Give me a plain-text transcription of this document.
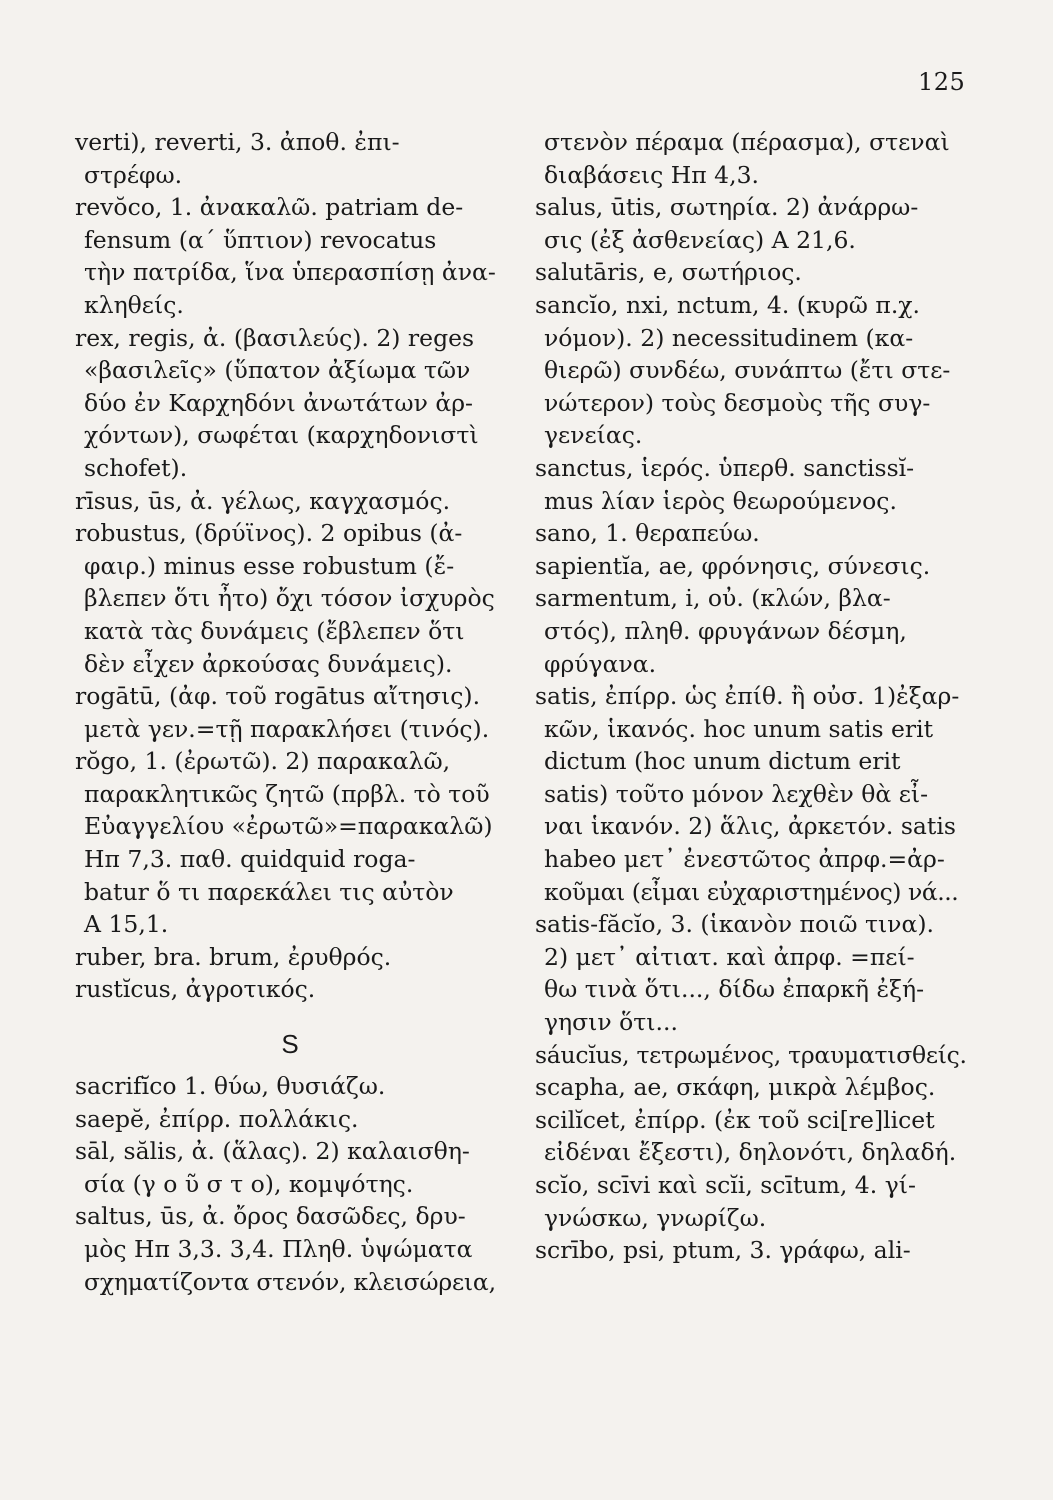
125
verti), reverti, 3. ἀποθ. ἐπι-
στρέφω.
revŏco, 1. ἀνακαλῶ. patriam de-
fensum (α΄ ὕπτιον) revocatus
τὴν πατρίδα, ἵνα ὑπερασπίσῃ ἀνα-
κληθείς.
rex, regis, ἀ. (βασιλεύς). 2) reges
«βασιλεῖς» (ὕπατον ἀξίωμα τῶν
δύο ἐν Καρχηδόνι ἀνωτάτων ἀρ-
χόντων), σωφέται (καρχηδονιστὶ
schofet).
rīsus, ūs, ἀ. γέλως, καγχασμός.
robustus, (δρύϊνος). 2 opibus (ἀ-
φαιρ.) minus esse robustum (ἔ-
βλεπεν ὅτι ἦτο) ὄχι τόσον ἰσχυρὸς
κατὰ τὰς δυνάμεις (ἔβλεπεν ὅτι
δὲν εἶχεν ἀρκούσας δυνάμεις).
rogātū, (ἀφ. τοῦ rogātus αἴτησις).
μετὰ γεν.=τῇ παρακλήσει (τινός).
rŏgo, 1. (ἐρωτῶ). 2) παρακαλῶ,
παρακλητικῶς ζητῶ (πρβλ. τὸ τοῦ
Εὐαγγελίου «ἐρωτῶ»=παρακαλῶ)
Ηπ 7,3. παθ. quidquid roga-
batur ὅ τι παρεκάλει τις αὐτὸν
Α 15,1.
ruber, bra. brum, ἐρυθρός.
rustĭcus, ἀγροτικός.
S
sacrifĭco 1. θύω, θυσιάζω.
saepĕ, ἐπίρρ. πολλάκις.
sāl, sălis, ἀ. (ἅλας). 2) καλαισθη-
σία (γ ο ῦ σ τ ο), κομψότης.
saltus, ūs, ἀ. ὄρος δασῶδες, δρυ-
μὸς Ηπ 3,3. 3,4. Πληθ. ὑψώματα
σχηματίζοντα στενόν, κλεισώρεια,
στενὸν πέραμα (πέρασμα), στεναὶ
διαβάσεις Ηπ 4,3.
salus, ūtis, σωτηρία. 2) ἀνάρρω-
σις (ἐξ ἀσθενείας) Α 21,6.
salutāris, e, σωτήριος.
sancĭo, nxi, nctum, 4. (κυρῶ π.χ.
νόμον). 2) necessitudinem (κα-
θιερῶ) συνδέω, συνάπτω (ἔτι στε-
νώτερον) τοὺς δεσμοὺς τῆς συγ-
γενείας.
sanctus, ἱερός. ὑπερθ. sanctissĭ-
mus λίαν ἱερὸς θεωρούμενος.
sano, 1. θεραπεύω.
sapientĭa, ae, φρόνησις, σύνεσις.
sarmentum, i, οὐ. (κλών, βλα-
στός), πληθ. φρυγάνων δέσμη,
φρύγανα.
satis, ἐπίρρ. ὡς ἐπίθ. ἢ οὐσ. 1)ἐξαρ-
κῶν, ἱκανός. hoc unum satis erit
dictum (hoc unum dictum erit
satis) τοῦτο μόνον λεχθὲν θὰ εἶ-
ναι ἱκανόν. 2) ἅλις, ἀρκετόν. satis
habeo μετ᾽ ἐνεστῶτος ἀπρφ.=ἀρ-
κοῦμαι (εἶμαι εὐχαριστημένος) νά...
satis-făcĭo, 3. (ἱκανὸν ποιῶ τινα).
2) μετ᾽ αἰτιατ. καὶ ἀπρφ. =πεί-
θω τινὰ ὅτι..., δίδω ἐπαρκῆ ἐξή-
γησιν ὅτι...
sáucĭus, τετρωμένος, τραυματισθείς.
scapha, ae, σκάφη, μικρὰ λέμβος.
scilĭcet, ἐπίρρ. (ἐκ τοῦ sci[re]licet
εἰδέναι ἔξεστι), δηλονότι, δηλαδή.
scĭo, scīvi καὶ scĭi, scītum, 4. γί-
γνώσκω, γνωρίζω.
scrībo, psi, ptum, 3. γράφω, ali-
